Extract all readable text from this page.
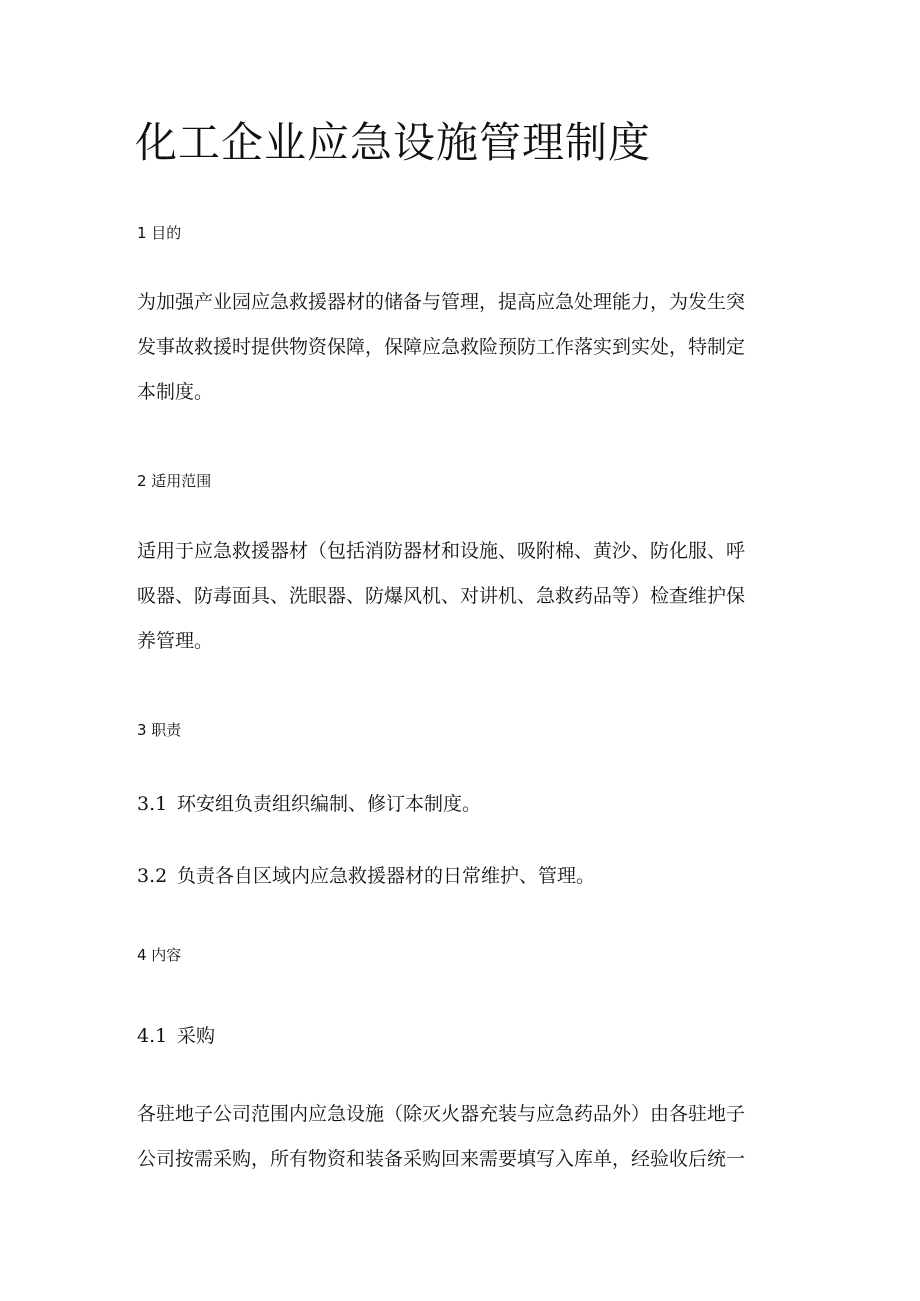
化工企业应急设施管理制度
1 目的
为加强产业园应急救援器材的储备与管理，提高应急处理能力，为发生突
发事故救援时提供物资保障，保障应急救险预防工作落实到实处，特制定
本制度。
2 适用范围
适用于应急救援器材（包括消防器材和设施、吸附棉、黄沙、防化服、呼
吸器、防毒面具、洗眼器、防爆风机、对讲机、急救药品等）检查维护保
养管理。
3 职责

3.1 环安组负责组织编制、修订本制度。

3.2 负责各自区域内应急救援器材的日常维护、管理。

4 内容

4.1 采购

各驻地子公司范围内应急设施（除灭火器充装与应急药品外）由各驻地子
公司按需采购，所有物资和装备采购回来需要填写入库单，经验收后统一
